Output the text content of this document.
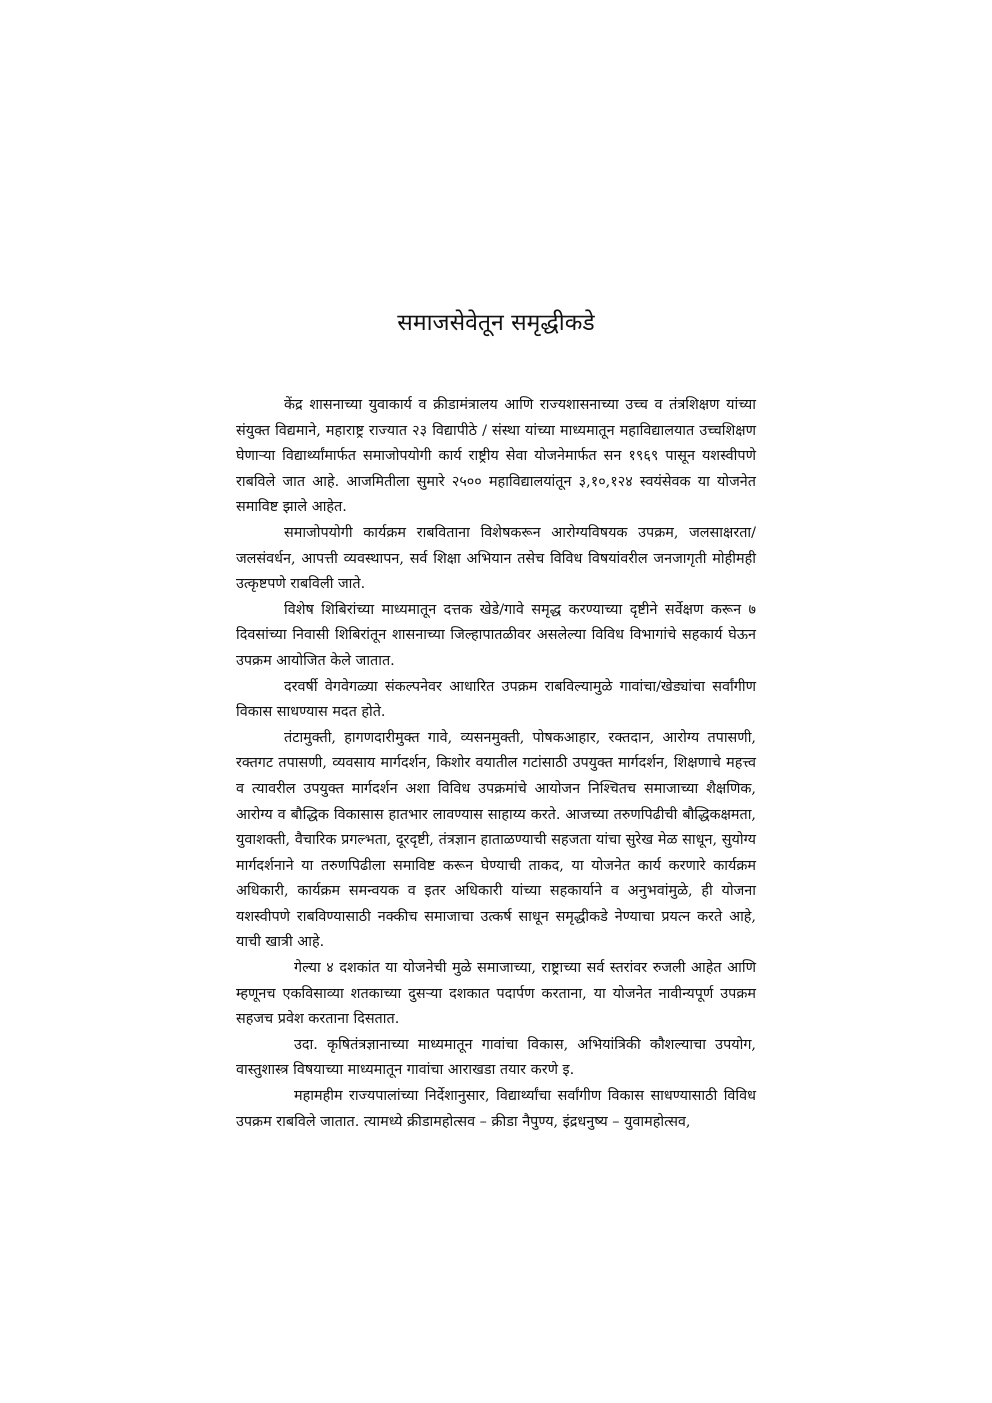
समाजसेवेतून समृद्धीकडे

केंद्र शासनाच्या युवाकार्य व क्रीडामंत्रालय आणि राज्यशासनाच्या उच्च व तंत्रशिक्षण यांच्या संयुक्त विद्यमाने, महाराष्ट्र राज्यात २३ विद्यापीठे / संस्था यांच्या माध्यमातून महाविद्यालयात उच्चशिक्षण घेणाऱ्या विद्यार्थ्यांमार्फत समाजोपयोगी कार्य राष्ट्रीय सेवा योजनेमार्फत सन १९६९ पासून यशस्वीपणे राबविले जात आहे. आजमितीला सुमारे २५०० महाविद्यालयांतून ३,१०,१२४ स्वयंसेवक या योजनेत समाविष्ट झाले आहेत.

समाजोपयोगी कार्यक्रम राबविताना विशेषकरून आरोग्यविषयक उपक्रम, जलसाक्षरता/ जलसंवर्धन, आपत्ती व्यवस्थापन, सर्व शिक्षा अभियान तसेच विविध विषयांवरील जनजागृती मोहीमही उत्कृष्टपणे राबविली जाते.

विशेष शिबिरांच्या माध्यमातून दत्तक खेडे/गावे समृद्ध करण्याच्या दृष्टीने सर्वेक्षण करून ७ दिवसांच्या निवासी शिबिरांतून शासनाच्या जिल्हापातळीवर असलेल्या विविध विभागांचे सहकार्य घेऊन उपक्रम आयोजित केले जातात.

दरवर्षी वेगवेगळ्या संकल्पनेवर आधारित उपक्रम राबविल्यामुळे गावांचा/खेड्यांचा सर्वांगीण विकास साधण्यास मदत होते.

तंटामुक्ती, हागणदारीमुक्त गावे, व्यसनमुक्ती, पोषकआहार, रक्तदान, आरोग्य तपासणी, रक्तगट तपासणी, व्यवसाय मार्गदर्शन, किशोर वयातील गटांसाठी उपयुक्त मार्गदर्शन, शिक्षणाचे महत्त्व व त्यावरील उपयुक्त मार्गदर्शन अशा विविध उपक्रमांचे आयोजन निश्चितच समाजाच्या शैक्षणिक, आरोग्य व बौद्धिक विकासास हातभार लावण्यास साहाय्य करते. आजच्या तरुणपिढीची बौद्धिकक्षमता, युवाशक्ती, वैचारिक प्रगल्भता, दूरदृष्टी, तंत्रज्ञान हाताळण्याची सहजता यांचा सुरेख मेळ साधून, सुयोग्य मार्गदर्शनाने या तरुणपिढीला समाविष्ट करून घेण्याची ताकद, या योजनेत कार्य करणारे कार्यक्रम अधिकारी, कार्यक्रम समन्वयक व इतर अधिकारी यांच्या सहकार्याने व अनुभवांमुळे, ही योजना यशस्वीपणे राबविण्यासाठी नक्कीच समाजाचा उत्कर्ष साधून समृद्धीकडे नेण्याचा प्रयत्न करते आहे, याची खात्री आहे.

गेल्या ४ दशकांत या योजनेची मुळे समाजाच्या, राष्ट्राच्या सर्व स्तरांवर रुजली आहेत आणि म्हणूनच एकविसाव्या शतकाच्या दुसऱ्या दशकात पदार्पण करताना, या योजनेत नावीन्यपूर्ण उपक्रम सहजच प्रवेश करताना दिसतात.

उदा. कृषितंत्रज्ञानाच्या माध्यमातून गावांचा विकास, अभियांत्रिकी कौशल्याचा उपयोग, वास्तुशास्त्र विषयाच्या माध्यमातून गावांचा आराखडा तयार करणे इ.

महामहीम राज्यपालांच्या निर्देशानुसार, विद्यार्थ्यांचा सर्वांगीण विकास साधण्यासाठी विविध उपक्रम राबविले जातात. त्यामध्ये क्रीडामहोत्सव – क्रीडा नैपुण्य, इंद्रधनुष्य – युवामहोत्सव,
